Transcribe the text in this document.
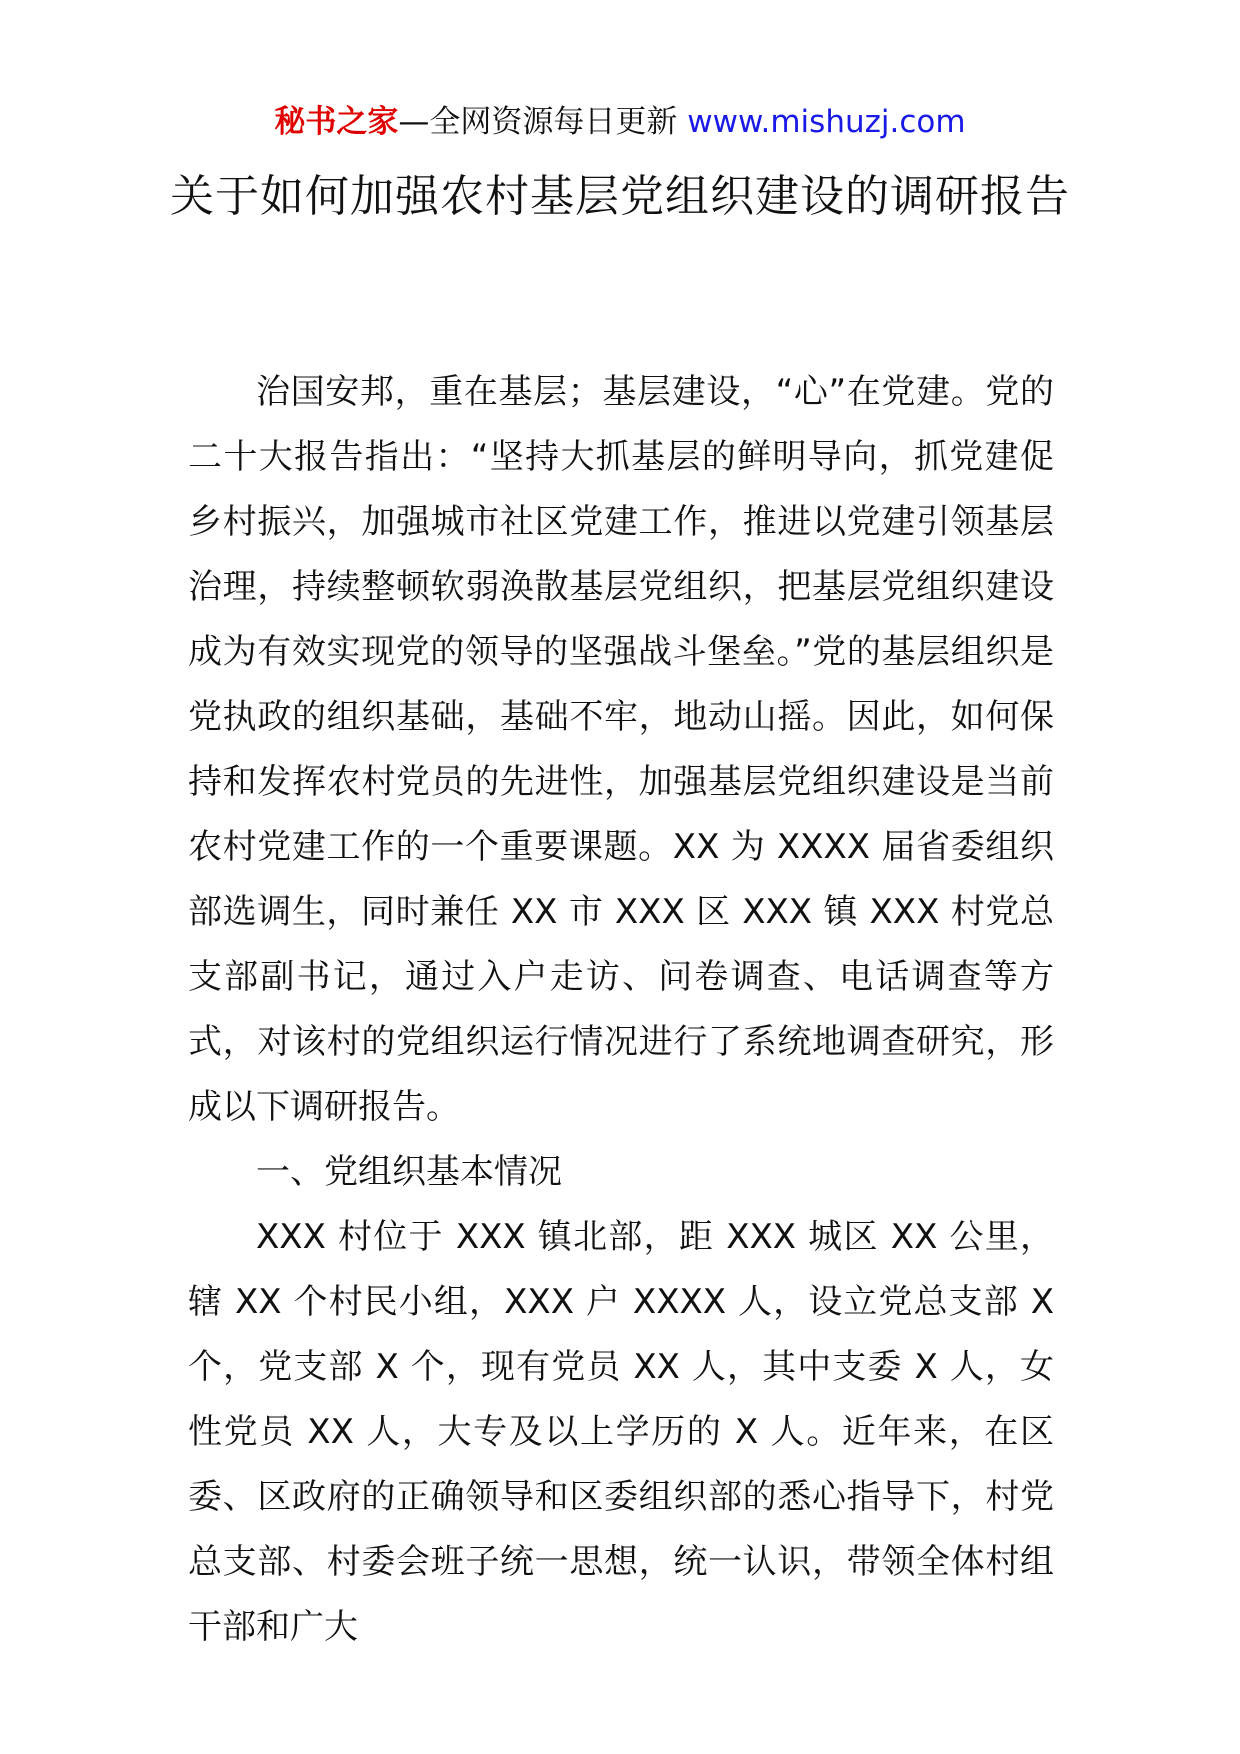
秘书之家—全网资源每日更新 www.mishuzj.com
关于如何加强农村基层党组织建设的调研报告

治国安邦，重在基层；基层建设，“心”在党建。党的二十大报告指出：“坚持大抓基层的鲜明导向，抓党建促乡村振兴，加强城市社区党建工作，推进以党建引领基层治理，持续整顿软弱涣散基层党组织，把基层党组织建设成为有效实现党的领导的坚强战斗堡垒。”党的基层组织是党执政的组织基础，基础不牢，地动山摇。因此，如何保持和发挥农村党员的先进性，加强基层党组织建设是当前农村党建工作的一个重要课题。XX 为 XXXX 届省委组织部选调生，同时兼任 XX 市 XXX 区 XXX 镇 XXX 村党总支部副书记，通过入户走访、问卷调查、电话调查等方式，对该村的党组织运行情况进行了系统地调查研究，形成以下调研报告。

一、党组织基本情况

XXX 村位于 XXX 镇北部，距 XXX 城区 XX 公里，辖 XX 个村民小组，XXX 户 XXXX 人，设立党总支部 X 个，党支部 X 个，现有党员 XX 人，其中支委 X 人，女性党员 XX 人，大专及以上学历的 X 人。近年来，在区委、区政府的正确领导和区委组织部的悉心指导下，村党总支部、村委会班子统一思想，统一认识，带领全体村组干部和广大
